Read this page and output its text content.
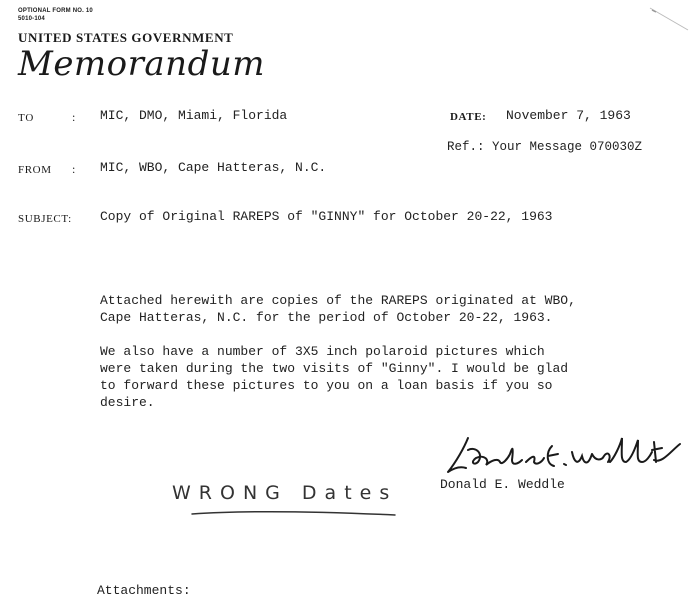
OPTIONAL FORM NO. 10
5010-104
UNITED STATES GOVERNMENT
Memorandum
TO	: MIC, DMO, Miami, Florida	DATE: November 7, 1963
Ref.: Your Message 070030Z
FROM : MIC, WBO, Cape Hatteras, N.C.
SUBJECT: Copy of Original RAREPS of "GINNY" for October 20-22, 1963
Attached herewith are copies of the RAREPS originated at WBO,
Cape Hatteras, N.C. for the period of October 20-22, 1963.
We also have a number of 3X5 inch polaroid pictures which
were taken during the two visits of "Ginny". I would be glad
to forward these pictures to you on a loan basis if you so
desire.
Donald E. Weddle
WRONG Dates
Attachments:
